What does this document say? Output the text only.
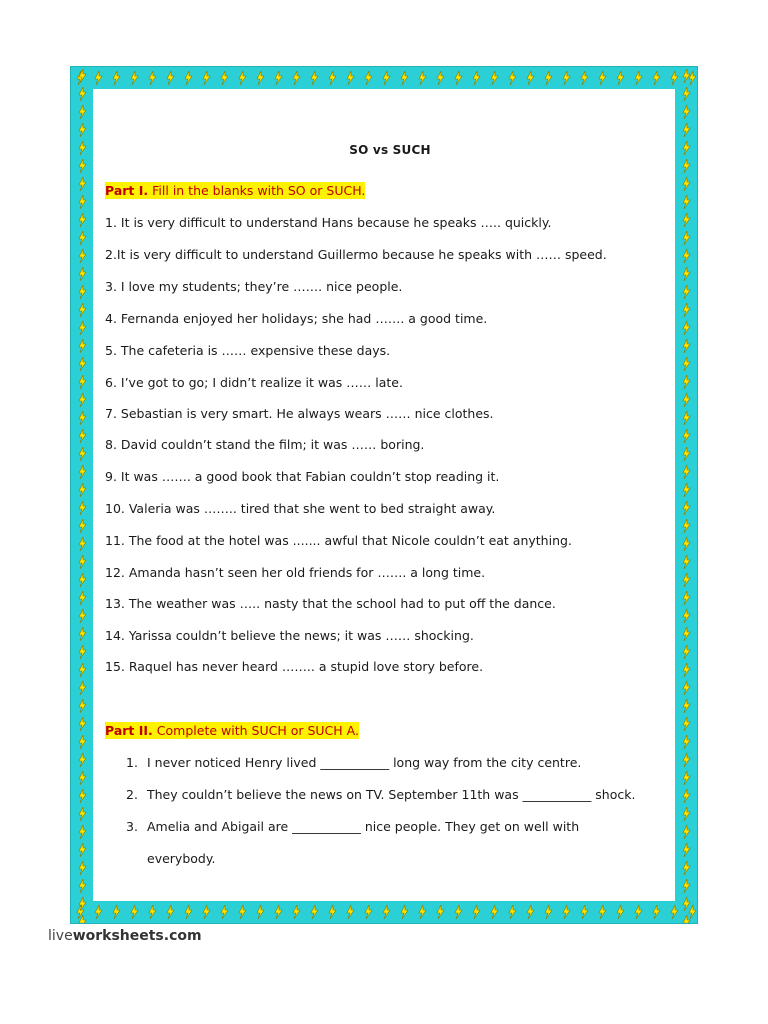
SO vs SUCH
Part I. Fill in the blanks with SO or SUCH.
1. It is very difficult to understand Hans because he speaks ….. quickly.
2.It is very difficult to understand Guillermo because he speaks with …… speed.
3. I love my students; they’re ……. nice people.
4. Fernanda enjoyed her holidays; she had ……. a good time.
5. The cafeteria is …… expensive these days.
6. I’ve got to go; I didn’t realize it was …… late.
7. Sebastian is very smart. He always wears …… nice clothes.
8. David couldn’t stand the film; it was …… boring.
9. It was ……. a good book that Fabian couldn’t stop reading it.
10. Valeria was …….. tired that she went to bed straight away.
11. The food at the hotel was ....... awful that Nicole couldn’t eat anything.
12. Amanda hasn’t seen her old friends for ……. a long time.
13. The weather was ….. nasty that the school had to put off the dance.
14. Yarissa couldn’t believe the news; it was …… shocking.
15. Raquel has never heard …….. a stupid love story before.
Part II. Complete with SUCH or SUCH A.
1. I never noticed Henry lived ___________ long way from the city centre.
2. They couldn’t believe the news on TV. September 11th was ___________ shock.
3. Amelia and Abigail are ___________ nice people. They get on well with
everybody.
liveworksheets.com
